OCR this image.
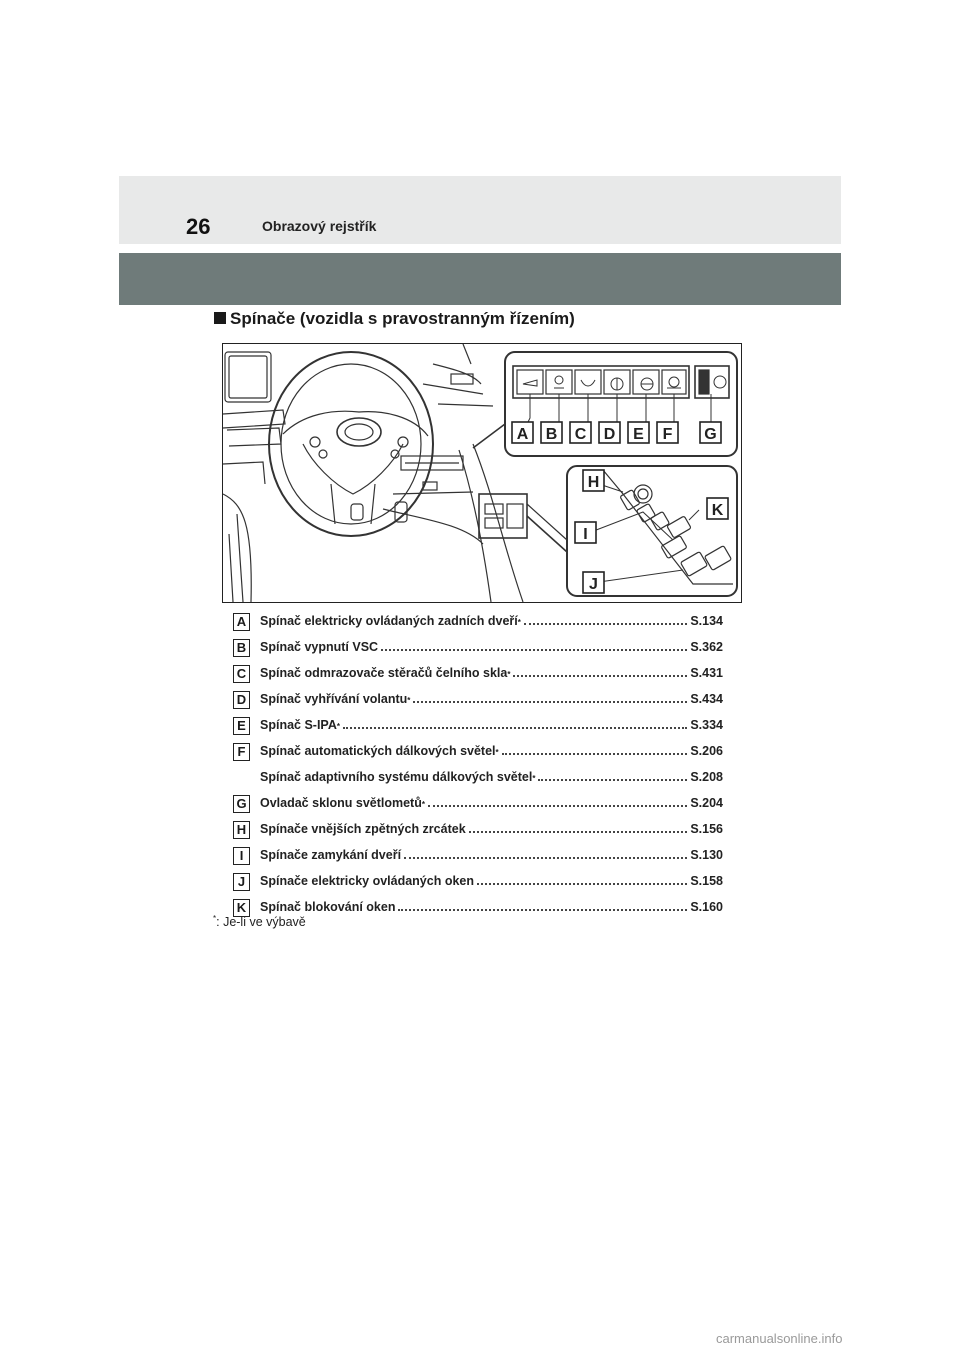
26	Obrazový rejstřík
Spínače (vozidla s pravostranným řízením)
A B C D E F G
H
I
J
K
A	Spínač elektricky ovládaných zadních dveří *	S.134
B	Spínač vypnutí VSC	S.362
C	Spínač odmrazovače stěračů čelního skla *	S.431
D	Spínač vyhřívání volantu *	S.434
E	Spínač S-IPA *	S.334
F	Spínač automatických dálkových světel *	S.206
Spínač adaptivního systému dálkových světel *	S.208
G Ovladač sklonu světlometů *	S.204
H	Spínače vnějších zpětných zrcátek	S.156
I	Spínače zamykání dveří	S.130
J	Spínače elektricky ovládaných oken	S.158
K	Spínač blokování oken	S.160
*: Je-li ve výbavě
carmanualsonline.info
